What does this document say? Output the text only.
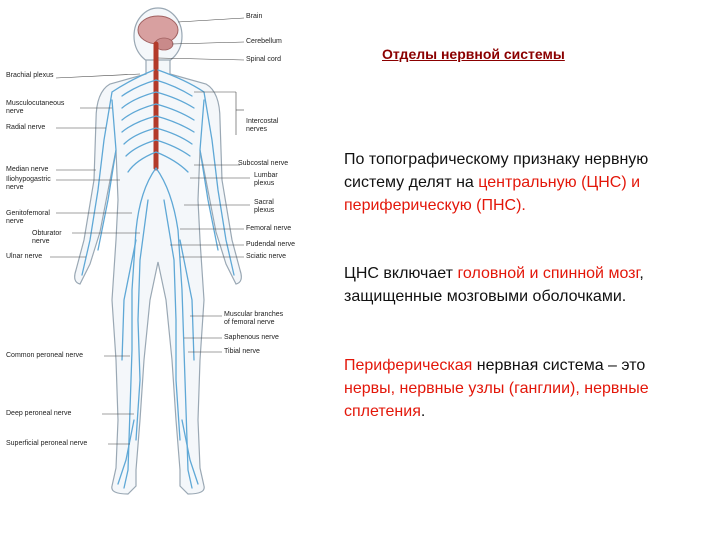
Brain
Cerebellum
Spinal cord
Brachial plexus
Musculocutaneous
nerve
Radial nerve
Intercostal
nerves
Subcostal nerve
Lumbar
plexus
Sacral
plexus
Median nerve
Iliohypogastric
nerve
Genitofemoral
nerve
Obturator
nerve
Ulnar nerve
Femoral nerve
Pudendal nerve
Sciatic nerve
Muscular branches
of femoral nerve
Saphenous nerve
Tibial nerve
Common peroneal nerve
Deep peroneal nerve
Superficial peroneal nerve
Отделы нервной системы
По топографическому признаку нервную систему делят на центральную (ЦНС) и периферическую (ПНС).
ЦНС включает головной и спинной мозг, защищенные мозговыми оболочками.
Периферическая нервная система – это нервы, нервные узлы (ганглии), нервные сплетения.
